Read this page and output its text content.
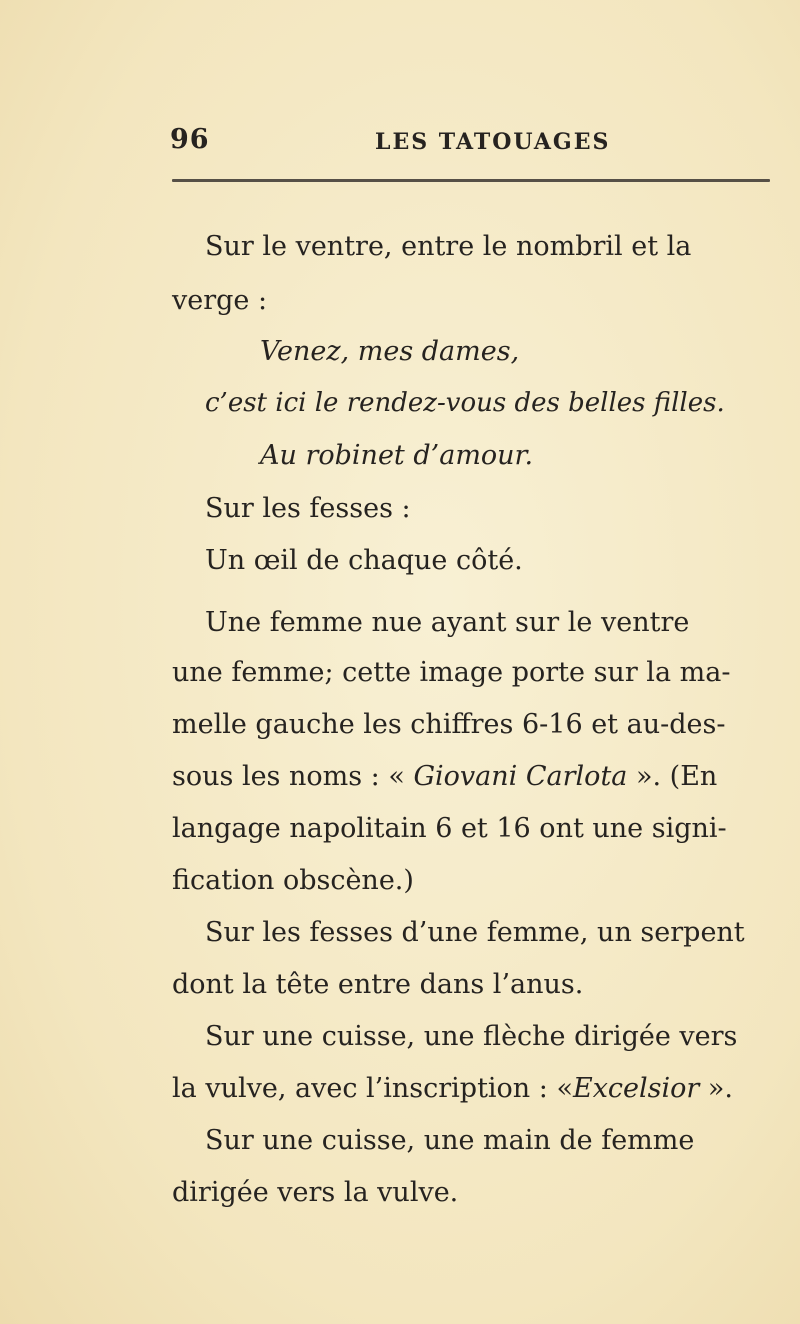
96	LES TATOUAGES
Sur le ventre, entre le nombril et la
verge :
Venez, mes dames,
c’est ici le rendez-vous des belles filles.
Au robinet d’amour.
Sur les fesses :
Un œil de chaque côté.
Une femme nue ayant sur le ventre
une femme; cette image porte sur la ma-
melle gauche les chiffres 6-16 et au-des-
sous les noms : « Giovani Carlota ». (En
langage napolitain 6 et 16 ont une signi-
fication obscène.)
Sur les fesses d’une femme, un serpent
dont la tête entre dans l’anus.
Sur une cuisse, une flèche dirigée vers
la vulve, avec l’inscription : «Excelsior ».
Sur une cuisse, une main de femme
dirigée vers la vulve.
